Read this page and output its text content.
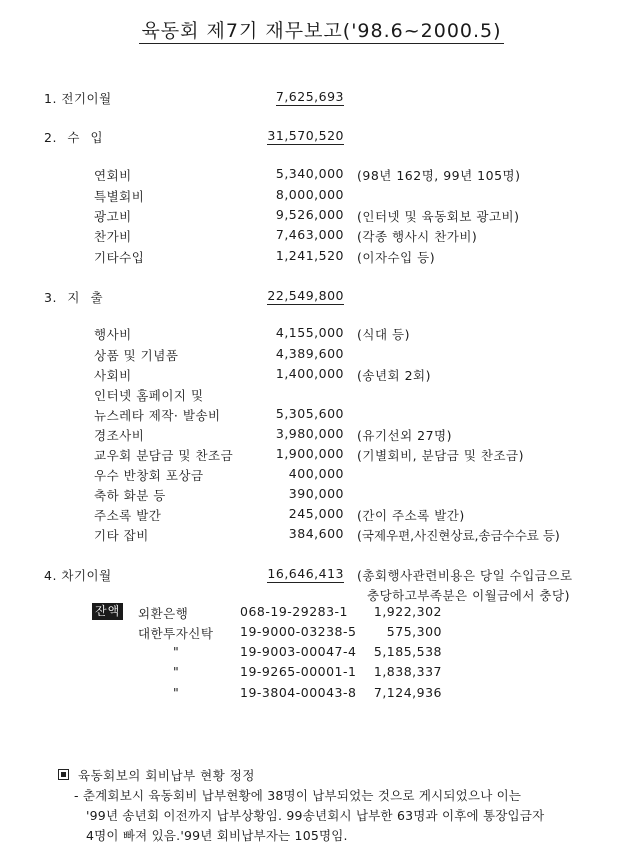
육동회 제7기 재무보고('98.6~2000.5)
1. 전기이월	7,625,693
2. 수 입	31,570,520
연회비	5,340,000 (98년 162명, 99년 105명)
특별회비	8,000,000
광고비	9,526,000 (인터넷 및 육동회보 광고비)
찬가비	7,463,000 (각종 행사시 찬가비)
기타수입	1,241,520 (이자수입 등)
3. 지 출	22,549,800
행사비	4,155,000 (식대 등)
상품 및 기념품	4,389,600
사회비	1,400,000 (송년회 2회)
인터넷 홈페이지 및
뉴스레타 제작· 발송비	5,305,600
경조사비	3,980,000 (유기선외 27명)
교우회 분담금 및 찬조금	1,900,000 (기별회비, 분담금 및 찬조금)
우수 반창회 포상금	400,000
축하 화분 등	390,000
주소록 발간	245,000 (간이 주소록 발간)
기타 잡비	384,600 (국제우편,사진현상료,송금수수료 등)
4. 차기이월	16,646,413 (총회행사관련비용은 당일 수입금으로
충당하고부족분은 이월금에서 충당)
잔액 외환은행	068-19-29283-1	1,922,302
대한투자신탁 19-9000-03238-5	575,300
"	19-9003-00047-4	5,185,538
"	19-9265-00001-1	1,838,337
"	19-3804-00043-8	7,124,936
육동회보의 회비납부 현황 정정
- 춘계회보시 육동회비 납부현황에 38명이 납부되었는 것으로 게시되었으나 이는
'99년 송년회 이전까지 납부상황임. 99송년회시 납부한 63명과 이후에 통장입금자
4명이 빠져 있음.'99년 회비납부자는 105명임.
